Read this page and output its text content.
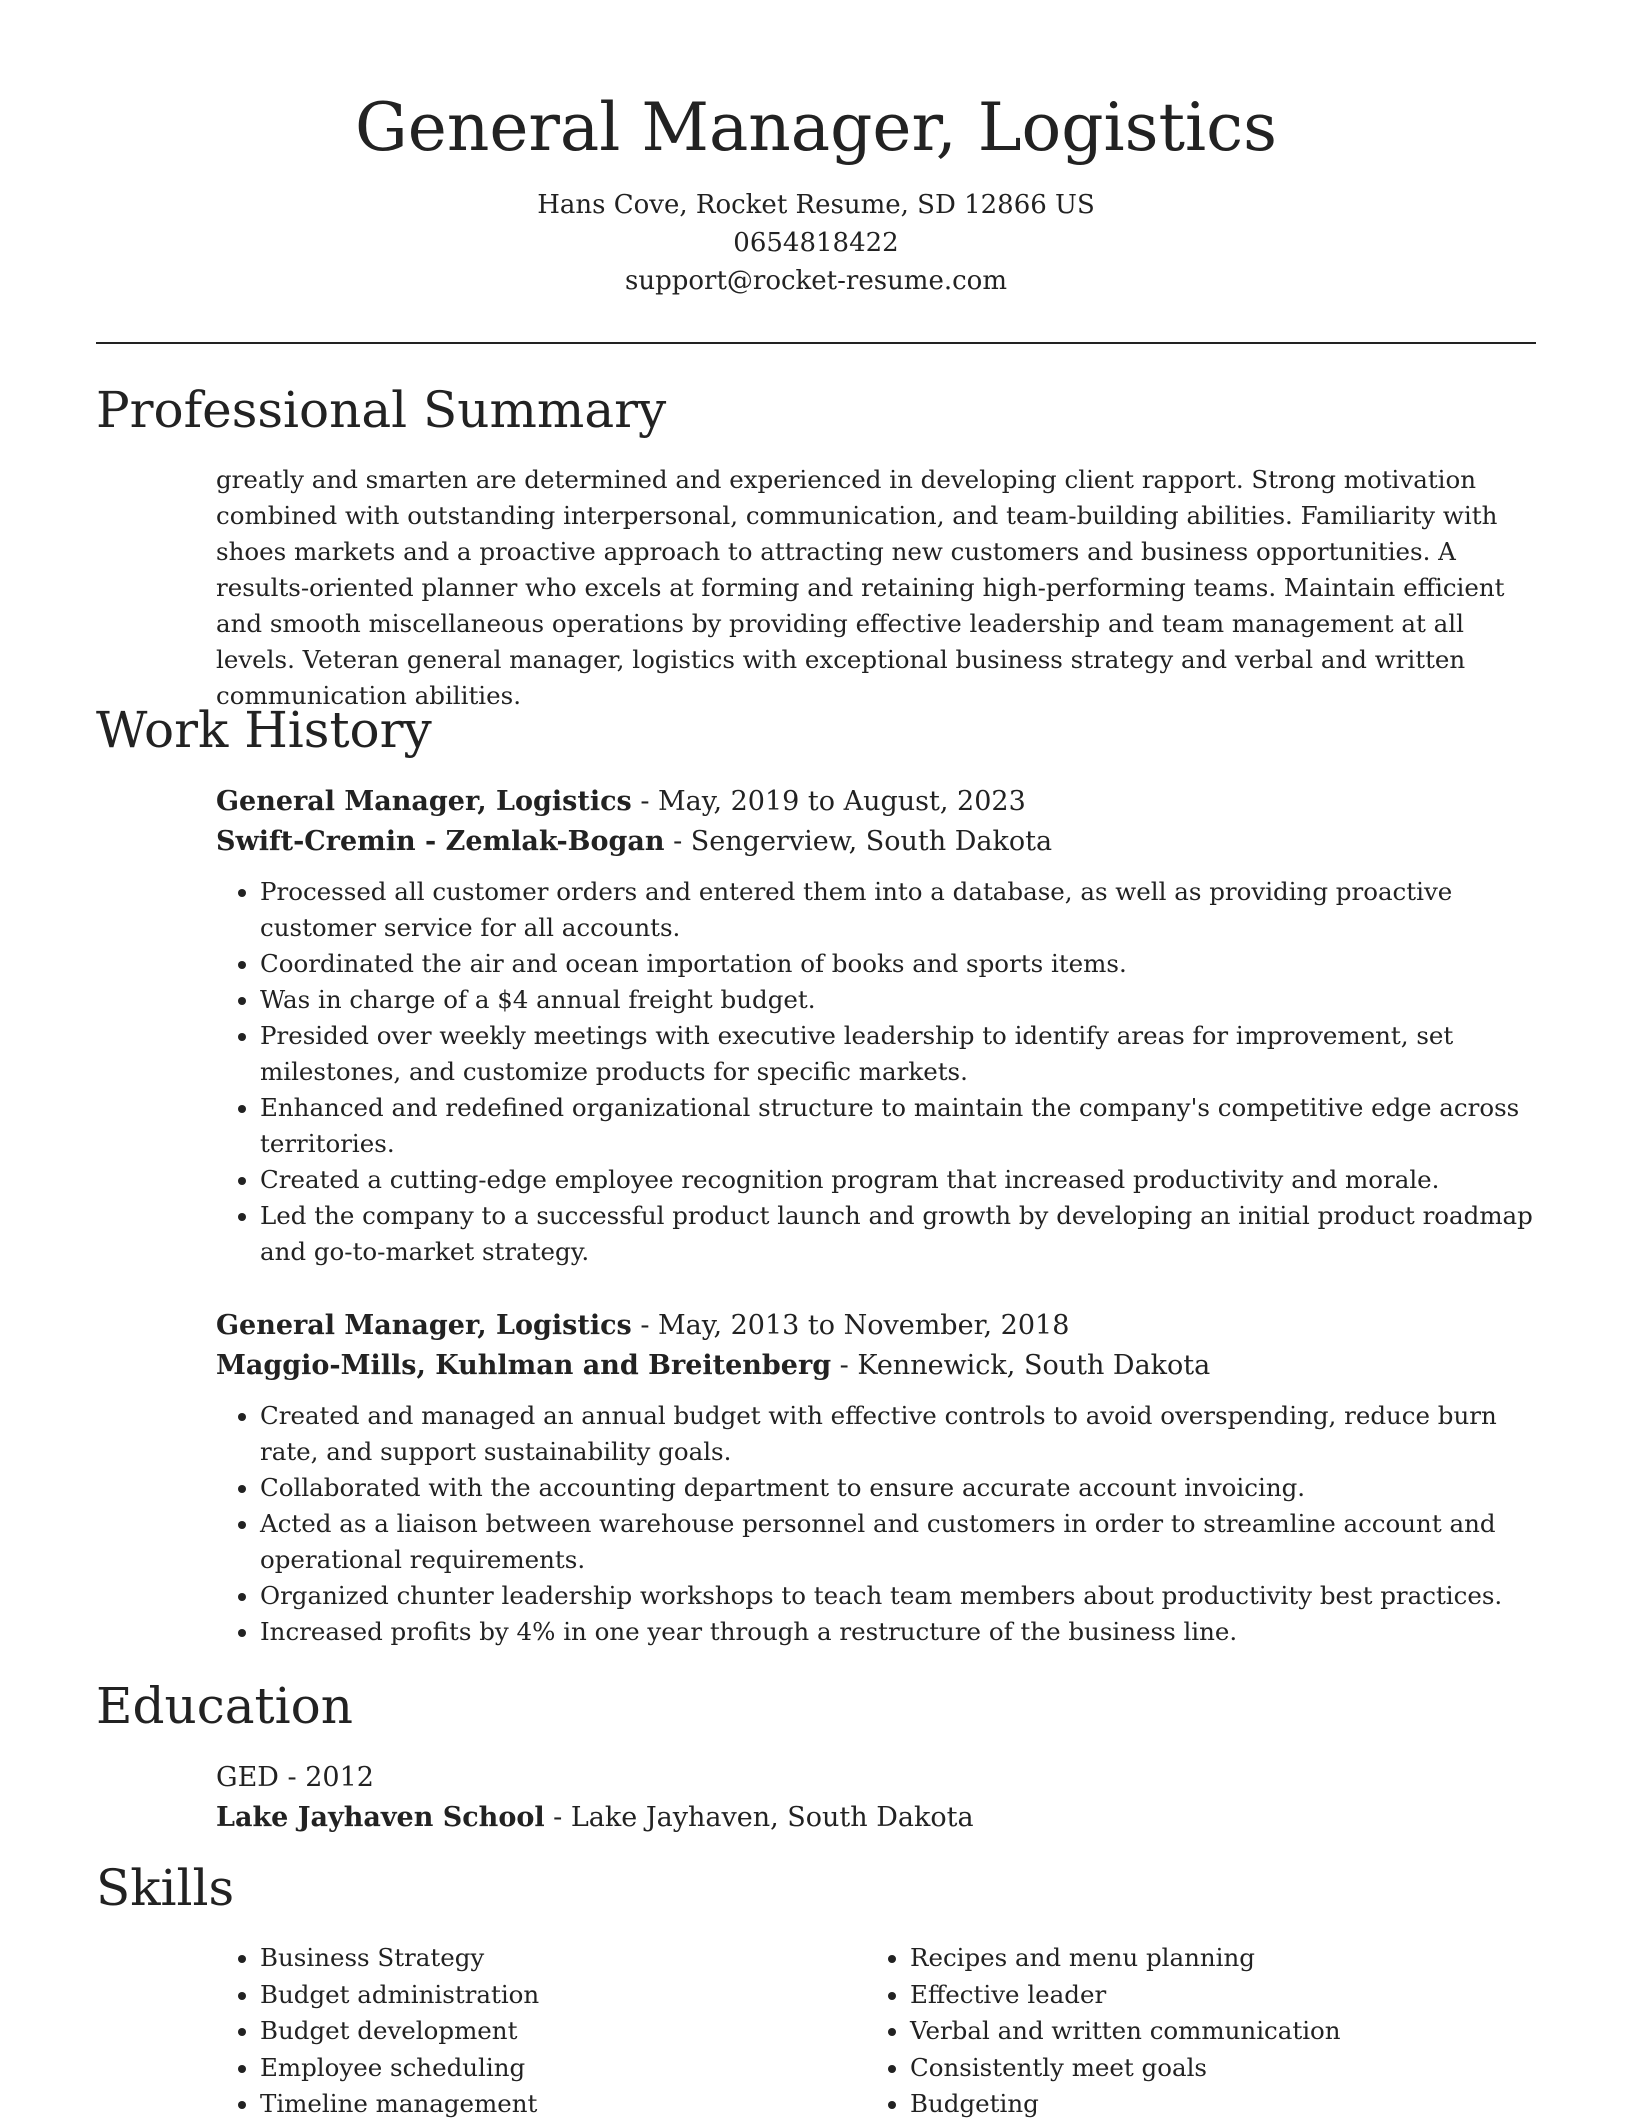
General Manager, Logistics
Hans Cove, Rocket Resume, SD 12866 US
0654818422
support@rocket-resume.com
Professional Summary

greatly and smarten are determined and experienced in developing client rapport. Strong motivation combined with outstanding interpersonal, communication, and team-building abilities. Familiarity with shoes markets and a proactive approach to attracting new customers and business opportunities. A results-oriented planner who excels at forming and retaining high-performing teams. Maintain efficient and smooth miscellaneous operations by providing effective leadership and team management at all levels. Veteran general manager, logistics with exceptional business strategy and verbal and written communication abilities.

Work History

General Manager, Logistics - May, 2019 to August, 2023

Swift-Cremin - Zemlak-Bogan - Sengerview, South Dakota

• Processed all customer orders and entered them into a database, as well as providing proactive customer service for all accounts.
• Coordinated the air and ocean importation of books and sports items.
• Was in charge of a $4 annual freight budget.
• Presided over weekly meetings with executive leadership to identify areas for improvement, set milestones, and customize products for specific markets.
• Enhanced and redefined organizational structure to maintain the company's competitive edge across territories.
• Created a cutting-edge employee recognition program that increased productivity and morale.
• Led the company to a successful product launch and growth by developing an initial product roadmap and go-to-market strategy.

General Manager, Logistics - May, 2013 to November, 2018

Maggio-Mills, Kuhlman and Breitenberg - Kennewick, South Dakota

• Created and managed an annual budget with effective controls to avoid overspending, reduce burn rate, and support sustainability goals.
• Collaborated with the accounting department to ensure accurate account invoicing.
• Acted as a liaison between warehouse personnel and customers in order to streamline account and operational requirements.
• Organized chunter leadership workshops to teach team members about productivity best practices.
• Increased profits by 4% in one year through a restructure of the business line.
Education

GED - 2012

Lake Jayhaven School - Lake Jayhaven, South Dakota

Skills
• Business Strategy
• Budget administration
• Budget development
• Employee scheduling
• Timeline management
• Recipes and menu planning
• Effective leader
• Verbal and written communication
• Consistently meet goals
• Budgeting
